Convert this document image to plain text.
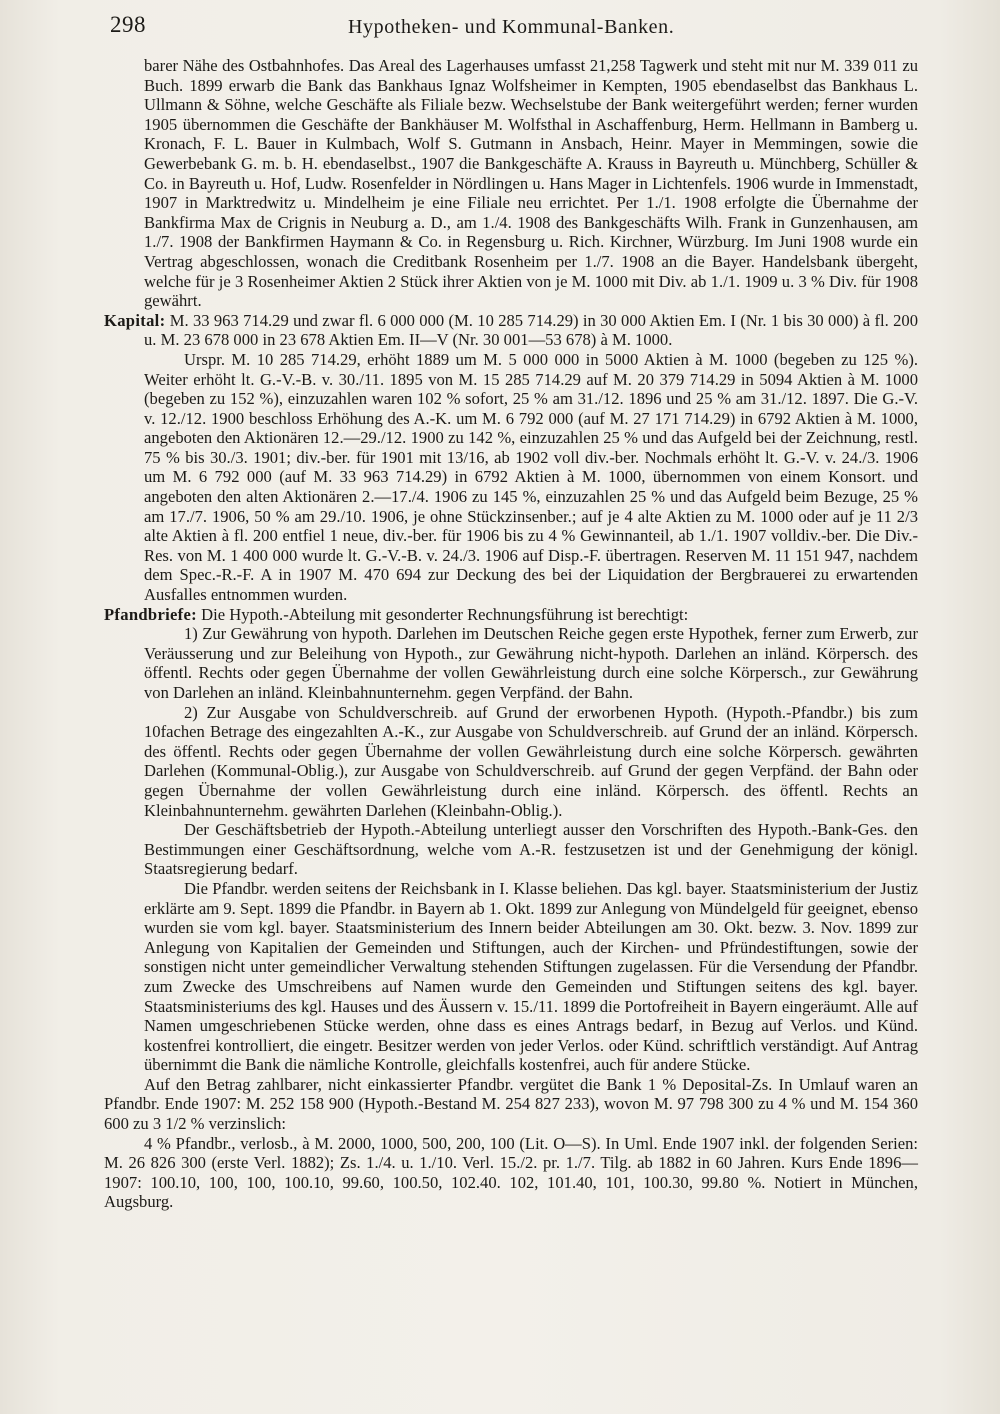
298	Hypotheken- und Kommunal-Banken.

barer Nähe des Ostbahnhofes. Das Areal des Lagerhauses umfasst 21,258 Tagwerk und steht mit nur M. 339 011 zu Buch. 1899 erwarb die Bank das Bankhaus Ignaz Wolfsheimer in Kempten, 1905 ebendaselbst das Bankhaus L. Ullmann & Söhne, welche Geschäfte als Filiale bezw. Wechselstube der Bank weitergeführt werden; ferner wurden 1905 übernommen die Geschäfte der Bankhäuser M. Wolfsthal in Aschaffenburg, Herm. Hellmann in Bamberg u. Kronach, F. L. Bauer in Kulmbach, Wolf S. Gutmann in Ansbach, Heinr. Mayer in Memmingen, sowie die Gewerbebank G. m. b. H. ebendaselbst., 1907 die Bankgeschäfte A. Krauss in Bayreuth u. Münchberg, Schüller & Co. in Bayreuth u. Hof, Ludw. Rosenfelder in Nördlingen u. Hans Mager in Lichtenfels. 1906 wurde in Immenstadt, 1907 in Marktredwitz u. Mindelheim je eine Filiale neu errichtet. Per 1./1. 1908 erfolgte die Übernahme der Bankfirma Max de Crignis in Neuburg a. D., am 1./4. 1908 des Bankgeschäfts Wilh. Frank in Gunzenhausen, am 1./7. 1908 der Bankfirmen Haymann & Co. in Regensburg u. Rich. Kirchner, Würzburg. Im Juni 1908 wurde ein Vertrag abgeschlossen, wonach die Creditbank Rosenheim per 1./7. 1908 an die Bayer. Handelsbank übergeht, welche für je 3 Rosenheimer Aktien 2 Stück ihrer Aktien von je M. 1000 mit Div. ab 1./1. 1909 u. 3 % Div. für 1908 gewährt.

Kapital: M. 33 963 714.29 und zwar fl. 6 000 000 (M. 10 285 714.29) in 30 000 Aktien Em. I (Nr. 1 bis 30 000) à fl. 200 u. M. 23 678 000 in 23 678 Aktien Em. II—V (Nr. 30 001—53 678) à M. 1000.

Urspr. M. 10 285 714.29, erhöht 1889 um M. 5 000 000 in 5000 Aktien à M. 1000 (begeben zu 125 %). Weiter erhöht lt. G.-V.-B. v. 30./11. 1895 von M. 15 285 714.29 auf M. 20 379 714.29 in 5094 Aktien à M. 1000 (begeben zu 152 %), einzuzahlen waren 102 % sofort, 25 % am 31./12. 1896 und 25 % am 31./12. 1897. Die G.-V. v. 12./12. 1900 beschloss Erhöhung des A.-K. um M. 6 792 000 (auf M. 27 171 714.29) in 6792 Aktien à M. 1000, angeboten den Aktionären 12.—29./12. 1900 zu 142 %, einzuzahlen 25 % und das Aufgeld bei der Zeichnung, restl. 75 % bis 30./3. 1901; div.-ber. für 1901 mit 13/16, ab 1902 voll div.-ber. Nochmals erhöht lt. G.-V. v. 24./3. 1906 um M. 6 792 000 (auf M. 33 963 714.29) in 6792 Aktien à M. 1000, übernommen von einem Konsort. und angeboten den alten Aktionären 2.—17./4. 1906 zu 145 %, einzuzahlen 25 % und das Aufgeld beim Bezuge, 25 % am 17./7. 1906, 50 % am 29./10. 1906, je ohne Stückzinsenber.; auf je 4 alte Aktien zu M. 1000 oder auf je 11 2/3 alte Aktien à fl. 200 entfiel 1 neue, div.-ber. für 1906 bis zu 4 % Gewinnanteil, ab 1./1. 1907 volldiv.-ber. Die Div.-Res. von M. 1 400 000 wurde lt. G.-V.-B. v. 24./3. 1906 auf Disp.-F. übertragen. Reserven M. 11 151 947, nachdem dem Spec.-R.-F. A in 1907 M. 470 694 zur Deckung des bei der Liquidation der Bergbrauerei zu erwartenden Ausfalles entnommen wurden.

Pfandbriefe: Die Hypoth.-Abteilung mit gesonderter Rechnungsführung ist berechtigt:

1) Zur Gewährung von hypoth. Darlehen im Deutschen Reiche gegen erste Hypothek, ferner zum Erwerb, zur Veräusserung und zur Beleihung von Hypoth., zur Gewährung nicht-hypoth. Darlehen an inländ. Körpersch. des öffentl. Rechts oder gegen Übernahme der vollen Gewährleistung durch eine solche Körpersch., zur Gewährung von Darlehen an inländ. Kleinbahnunternehm. gegen Verpfänd. der Bahn.

2) Zur Ausgabe von Schuldverschreib. auf Grund der erworbenen Hypoth. (Hypoth.-Pfandbr.) bis zum 10fachen Betrage des eingezahlten A.-K., zur Ausgabe von Schuldverschreib. auf Grund der an inländ. Körpersch. des öffentl. Rechts oder gegen Übernahme der vollen Gewährleistung durch eine solche Körpersch. gewährten Darlehen (Kommunal-Oblig.), zur Ausgabe von Schuldverschreib. auf Grund der gegen Verpfänd. der Bahn oder gegen Übernahme der vollen Gewährleistung durch eine inländ. Körpersch. des öffentl. Rechts an Kleinbahnunternehm. gewährten Darlehen (Kleinbahn-Oblig.).

Der Geschäftsbetrieb der Hypoth.-Abteilung unterliegt ausser den Vorschriften des Hypoth.-Bank-Ges. den Bestimmungen einer Geschäftsordnung, welche vom A.-R. festzusetzen ist und der Genehmigung der königl. Staatsregierung bedarf.

Die Pfandbr. werden seitens der Reichsbank in I. Klasse beliehen. Das kgl. bayer. Staatsministerium der Justiz erklärte am 9. Sept. 1899 die Pfandbr. in Bayern ab 1. Okt. 1899 zur Anlegung von Mündelgeld für geeignet, ebenso wurden sie vom kgl. bayer. Staatsministerium des Innern beider Abteilungen am 30. Okt. bezw. 3. Nov. 1899 zur Anlegung von Kapitalien der Gemeinden und Stiftungen, auch der Kirchen- und Pfründestiftungen, sowie der sonstigen nicht unter gemeindlicher Verwaltung stehenden Stiftungen zugelassen. Für die Versendung der Pfandbr. zum Zwecke des Umschreibens auf Namen wurde den Gemeinden und Stiftungen seitens des kgl. bayer. Staatsministeriums des kgl. Hauses und des Äussern v. 15./11. 1899 die Portofreiheit in Bayern eingeräumt. Alle auf Namen umgeschriebenen Stücke werden, ohne dass es eines Antrags bedarf, in Bezug auf Verlos. und Künd. kostenfrei kontrolliert, die eingetr. Besitzer werden von jeder Verlos. oder Künd. schriftlich verständigt. Auf Antrag übernimmt die Bank die nämliche Kontrolle, gleichfalls kostenfrei, auch für andere Stücke.

Auf den Betrag zahlbarer, nicht einkassierter Pfandbr. vergütet die Bank 1 % Deposital-Zs. In Umlauf waren an Pfandbr. Ende 1907: M. 252 158 900 (Hypoth.-Bestand M. 254 827 233), wovon M. 97 798 300 zu 4 % und M. 154 360 600 zu 3 1/2 % verzinslich:

4 % Pfandbr., verlosb., à M. 2000, 1000, 500, 200, 100 (Lit. O—S). In Uml. Ende 1907 inkl. der folgenden Serien: M. 26 826 300 (erste Verl. 1882); Zs. 1./4. u. 1./10. Verl. 15./2. pr. 1./7. Tilg. ab 1882 in 60 Jahren. Kurs Ende 1896—1907: 100.10, 100, 100, 100.10, 99.60, 100.50, 102.40. 102, 101.40, 101, 100.30, 99.80 %. Notiert in München, Augsburg.
